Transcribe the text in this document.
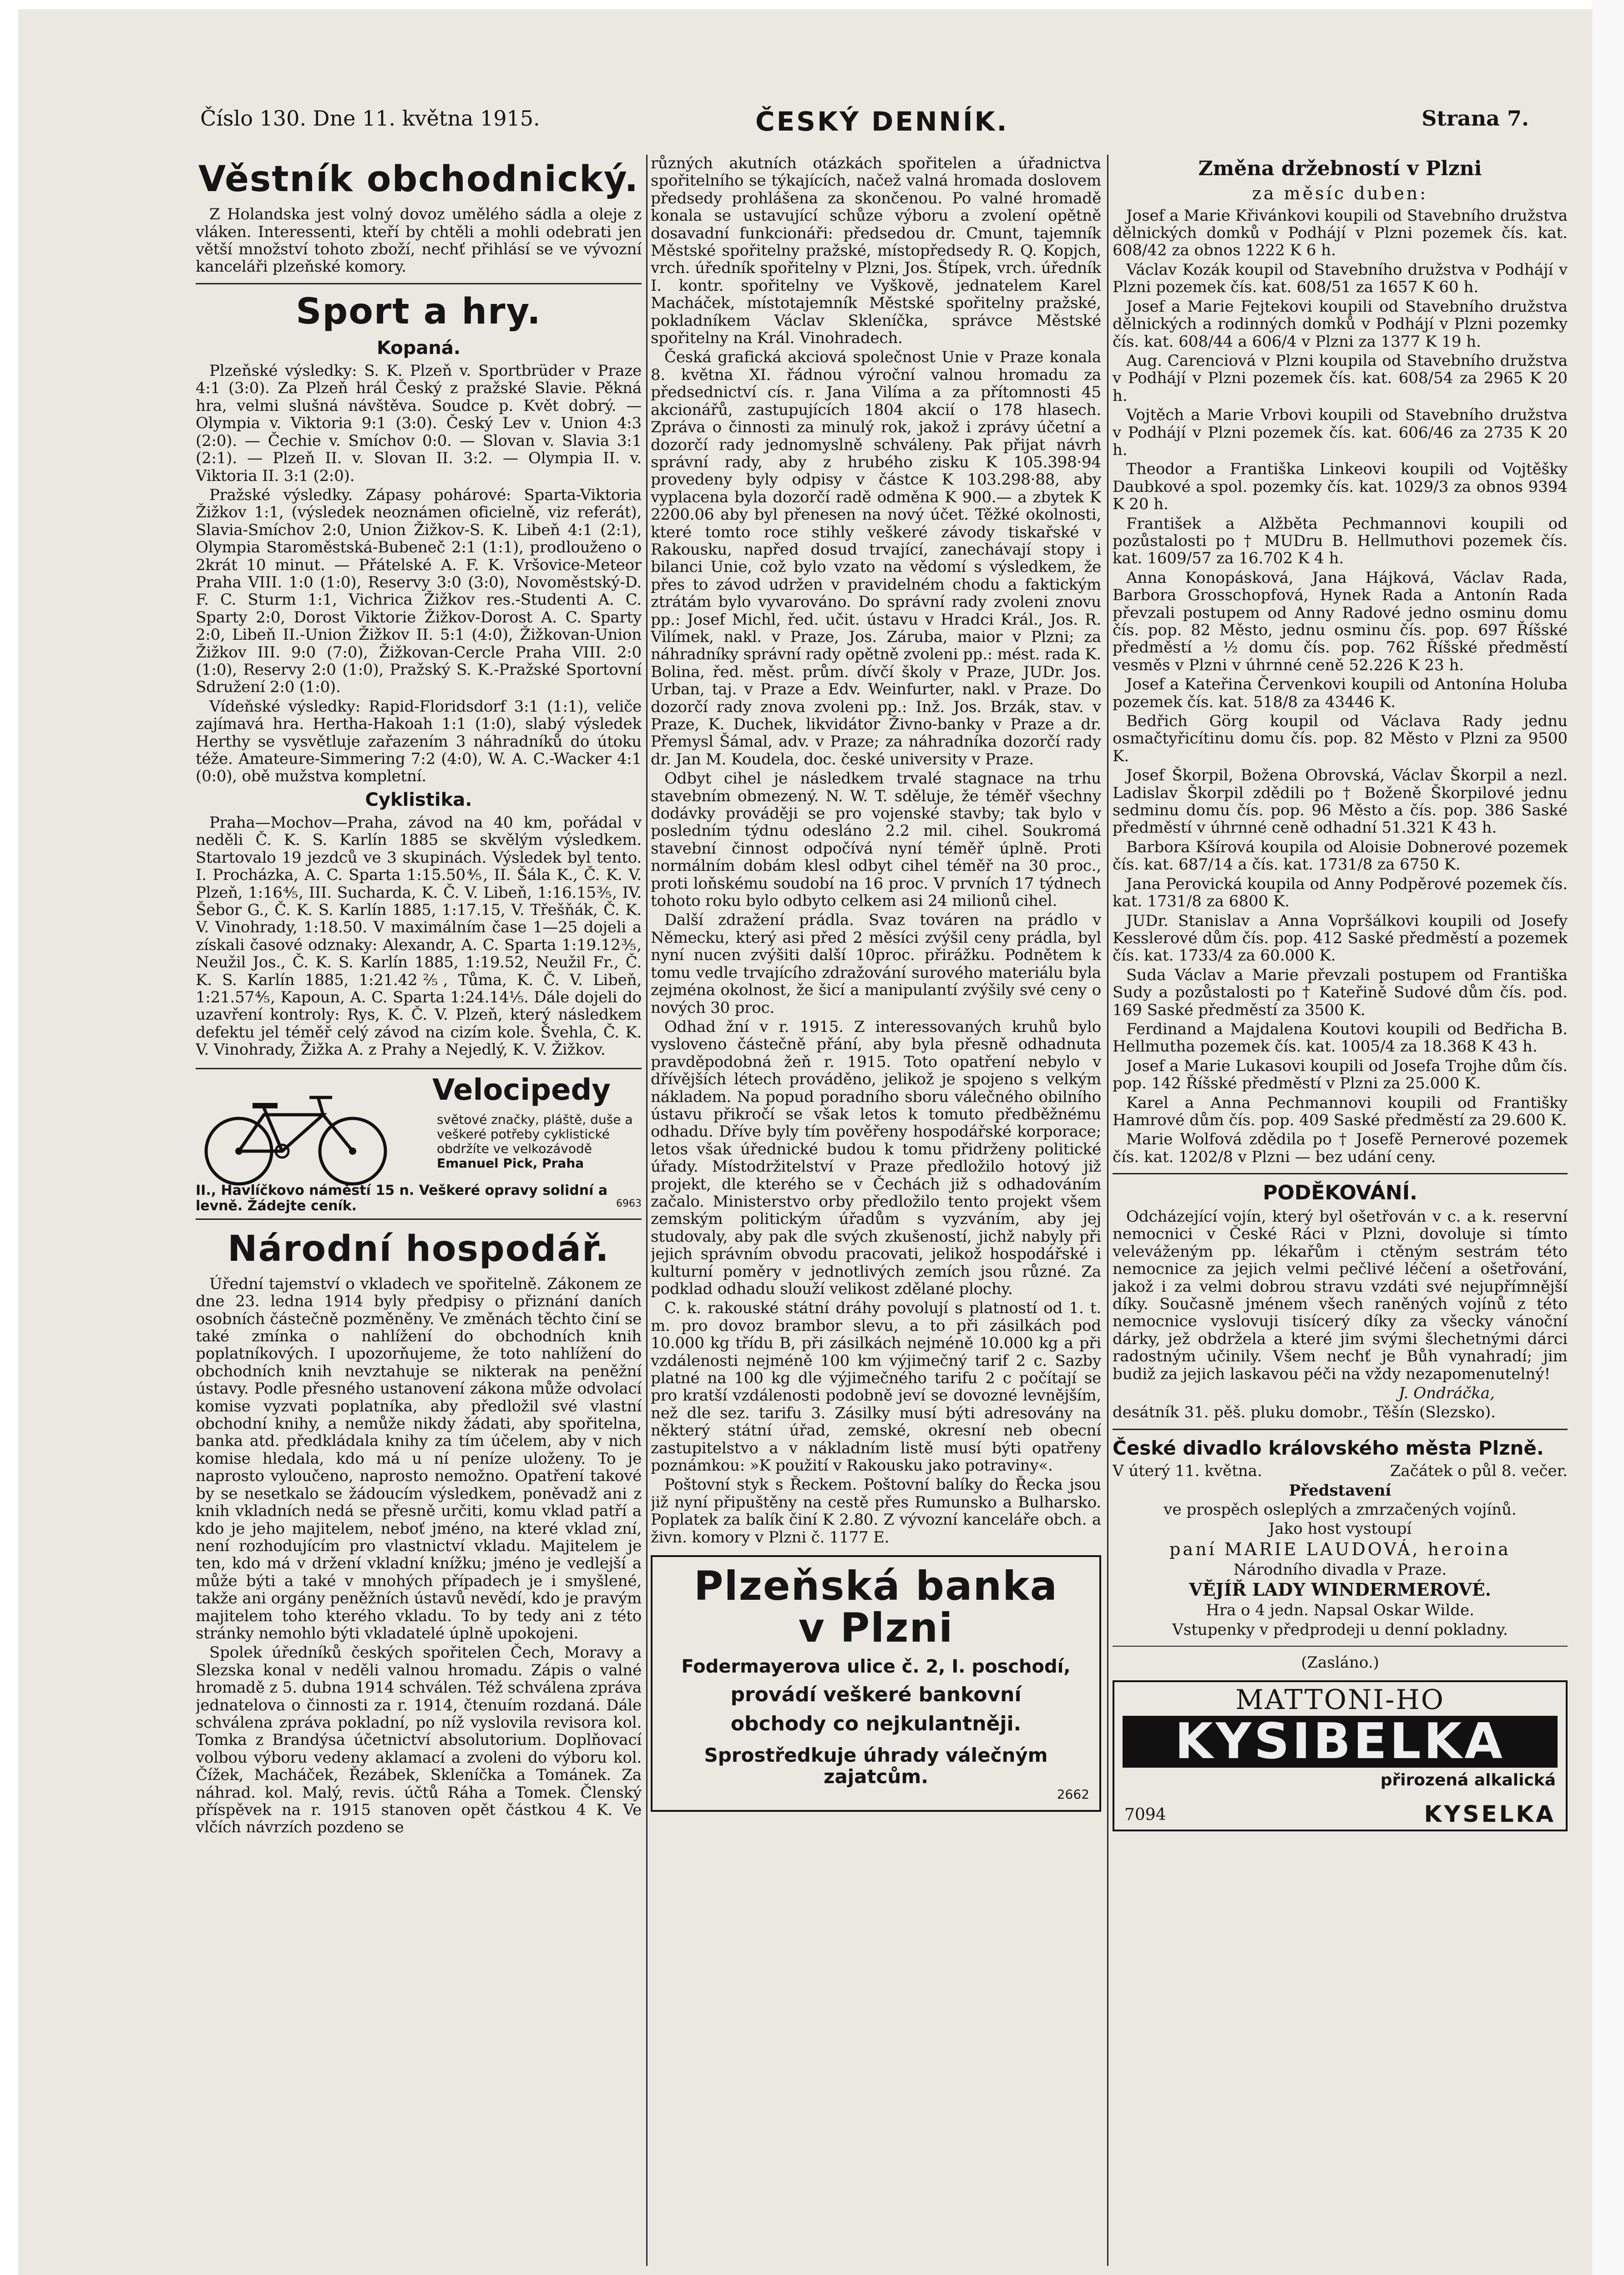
Číslo 130. Dne 11. května 1915.	ČESKÝ DENNÍK.	Strana 7.
Věstník obchodnický.

Z Holandska jest volný dovoz umělého sádla a oleje z vláken. Interessenti, kteří by chtěli a mohli odebrati jen větší množství tohoto zboží, nechť přihlásí se ve vývozní kanceláři plzeňské komory.

Sport a hry.
Kopaná.

Plzeňské výsledky: S. K. Plzeň v. Sportbrüder v Praze 4:1 (3:0). Za Plzeň hrál Český z pražské Slavie. Pěkná hra, velmi slušná návštěva. Soudce p. Květ dobrý. — Olympia v. Viktoria 9:1 (3:0). Český Lev v. Union 4:3 (2:0). — Čechie v. Smíchov 0:0. — Slovan v. Slavia 3:1 (2:1). — Plzeň II. v. Slovan II. 3:2. — Olympia II. v. Viktoria II. 3:1 (2:0).

Pražské výsledky. Zápasy pohárové: Sparta-Viktoria Žižkov 1:1, (výsledek neoznámen oficielně, viz referát), Slavia-Smíchov 2:0, Union Žižkov-S. K. Libeň 4:1 (2:1), Olympia Staroměstská-Bubeneč 2:1 (1:1), prodlouženo o 2krát 10 minut. — Přátelské A. F. K. Vršovice-Meteor Praha VIII. 1:0 (1:0), Reservy 3:0 (3:0), Novoměstský-D. F. C. Sturm 1:1, Vichrica Žižkov res.-Studenti A. C. Sparty 2:0, Dorost Viktorie Žižkov-Dorost A. C. Sparty 2:0, Libeň II.-Union Žižkov II. 5:1 (4:0), Žižkovan-Union Žižkov III. 9:0 (7:0), Žižkovan-Cercle Praha VIII. 2:0 (1:0), Reservy 2:0 (1:0), Pražský S. K.-Pražské Sportovní Sdružení 2:0 (1:0).

Vídeňské výsledky: Rapid-Floridsdorf 3:1 (1:1), veliče zajímavá hra. Hertha-Hakoah 1:1 (1:0), slabý výsledek Herthy se vysvětluje zařazením 3 náhradníků do útoku téže. Amateure-Simmering 7:2 (4:0), W. A. C.-Wacker 4:1 (0:0), obě mužstva kompletní.

Cyklistika.

Praha—Mochov—Praha, závod na 40 km, pořádal v neděli Č. K. S. Karlín 1885 se skvělým výsledkem. Startovalo 19 jezdců ve 3 skupinách. Výsledek byl tento. I. Procházka, A. C. Sparta 1:15.50⅘, II. Šála K., Č. K. V. Plzeň, 1:16⅘, III. Sucharda, K. Č. V. Libeň, 1:16.15⅗, IV. Šebor G., Č. K. S. Karlín 1885, 1:17.15, V. Třešňák, Č. K. V. Vinohrady, 1:18.50. V maximálním čase 1—25 dojeli a získali časové odznaky: Alexandr, A. C. Sparta 1:19.12⅗, Neužil Jos., Č. K. S. Karlín 1885, 1:19.52, Neužil Fr., Č. K. S. Karlín 1885, 1:21.42⅖, Tůma, K. Č. V. Libeň, 1:21.57⅘, Kapoun, A. C. Sparta 1:24.14⅕. Dále dojeli do uzavření kontroly: Rys, K. Č. V. Plzeň, který následkem defektu jel téměř celý závod na cizím kole. Švehla, Č. K. V. Vinohrady, Žižka A. z Prahy a Nejedlý, K. V. Žižkov.

Velocipedy
světové značky, pláště, duše a veškeré potřeby cyklistické obdržíte ve velkozávodě
Emanuel Pick, Praha
II., Havlíčkovo náměstí 15 n. Veškeré opravy solidní a levně. Žádejte ceník.	6963
Národní hospodář.

Úřední tajemství o vkladech ve spořitelně. Zákonem ze dne 23. ledna 1914 byly předpisy o přiznání daních osobních částečně pozměněny. Ve změnách těchto činí se také zmínka o nahlížení do obchodních knih poplatníkových. I upozorňujeme, že toto nahlížení do obchodních knih nevztahuje se nikterak na peněžní ústavy. Podle přesného ustanovení zákona může odvolací komise vyzvati poplatníka, aby předložil své vlastní obchodní knihy, a nemůže nikdy žádati, aby spořitelna, banka atd. předkládala knihy za tím účelem, aby v nich komise hledala, kdo má u ní peníze uloženy. To je naprosto vyloučeno, naprosto nemožno. Opatření takové by se nesetkalo se žádoucím výsledkem, poněvadž ani z knih vkladních nedá se přesně určiti, komu vklad patří a kdo je jeho majitelem, neboť jméno, na které vklad zní, není rozhodujícím pro vlastnictví vkladu. Majitelem je ten, kdo má v držení vkladní knížku; jméno je vedlejší a může býti a také v mnohých případech je i smyšlené, takže ani orgány peněžních ústavů nevědí, kdo je pravým majitelem toho kterého vkladu. To by tedy ani z této stránky nemohlo býti vkladatelé úplně upokojeni.

Spolek úředníků českých spořitelen Čech, Moravy a Slezska konal v neděli valnou hromadu. Zápis o valné hromadě z 5. dubna 1914 schválen. Též schválena zpráva jednatelova o činnosti za r. 1914, čtenuím rozdaná. Dále schválena zpráva pokladní, po níž vyslovila revisora kol. Tomka z Brandýsa účetnictví absolutorium. Doplňovací volbou výboru vedeny aklamací a zvoleni do výboru kol. Čížek, Macháček, Řezábek, Skleníčka a Tománek. Za náhrad. kol. Malý, revis. účtů Ráha a Tomek. Členský příspěvek na r. 1915 stanoven opět částkou 4 K. Ve vlčích návrzích pozdeno se

různých akutních otázkách spořitelen a úřadnictva spořitelního se týkajících, načež valná hromada doslovem předsedy prohlášena za skončenou. Po valné hromadě konala se ustavující schůze výboru a zvolení opětně dosavadní funkcionáři: předsedou dr. Cmunt, tajemník Městské spořitelny pražské, místopředsedy R. Q. Kopjch, vrch. úředník spořitelny v Plzni, Jos. Štípek, vrch. úředník I. kontr. spořitelny ve Vyškově, jednatelem Karel Macháček, místotajemník Městské spořitelny pražské, pokladníkem Václav Skleníčka, správce Městské spořitelny na Král. Vinohradech.

Česká grafická akciová společnost Unie v Praze konala 8. května XI. řádnou výroční valnou hromadu za předsednictví cís. r. Jana Vilíma a za přítomnosti 45 akcionářů, zastupujících 1804 akcií o 178 hlasech. Zpráva o činnosti za minulý rok, jakož i zprávy účetní a dozorčí rady jednomyslně schváleny. Pak přijat návrh správní rady, aby z hrubého zisku K 105.398·94 provedeny byly odpisy v částce K 103.298·88, aby vyplacena byla dozorčí radě odměna K 900.— a zbytek K 2200.06 aby byl přenesen na nový účet. Těžké okolnosti, které tomto roce stihly veškeré závody tiskařské v Rakousku, napřed dosud trvající, zanechávají stopy i bilanci Unie, což bylo vzato na vědomí s výsledkem, že přes to závod udržen v pravidelném chodu a faktickým ztrátám bylo vyvarováno. Do správní rady zvoleni znovu pp.: Josef Michl, řed. učit. ústavu v Hradci Král., Jos. R. Vilímek, nakl. v Praze, Jos. Záruba, maior v Plzni; za náhradníky správní rady opětně zvoleni pp.: mést. rada K. Bolina, řed. měst. prům. dívčí školy v Praze, JUDr. Jos. Urban, taj. v Praze a Edv. Weinfurter, nakl. v Praze. Do dozorčí rady znova zvoleni pp.: Inž. Jos. Brzák, stav. v Praze, K. Duchek, likvidátor Živno-banky v Praze a dr. Přemysl Šámal, adv. v Praze; za náhradníka dozorčí rady dr. Jan M. Koudela, doc. české university v Praze.

Odbyt cihel je následkem trvalé stagnace na trhu stavebním obmezený. N. W. T. sděluje, že téměř všechny dodávky prováději se pro vojenské stavby; tak bylo v posledním týdnu odesláno 2.2 mil. cihel. Soukromá stavební činnost odpočívá nyní téměř úplně. Proti normálním dobám klesl odbyt cihel téměř na 30 proc., proti loňskému soudobí na 16 proc. V prvních 17 týdnech tohoto roku bylo odbyto celkem asi 24 milionů cihel.

Další zdražení prádla. Svaz továren na prádlo v Německu, který asi před 2 měsíci zvýšil ceny prádla, byl nyní nucen zvýšiti další 10proc. přirážku. Podnětem k tomu vedle trvajícího zdražování surového materiálu byla zejména okolnost, že šicí a manipulantí zvýšily své ceny o nových 30 proc.

Odhad žní v r. 1915. Z interessovaných kruhů bylo vysloveno částečně přání, aby byla přesně odhadnuta pravděpodobná žeň r. 1915. Toto opatření nebylo v dřívějších létech prováděno, jelikož je spojeno s velkým nákladem. Na popud poradního sboru válečného obilního ústavu přikročí se však letos k tomuto předběžnému odhadu. Dříve byly tím pověřeny hospodářské korporace; letos však úřednické budou k tomu přidrženy politické úřady. Místodržitelství v Praze předložilo hotový již projekt, dle kterého se v Čechách již s odhadováním začalo. Ministerstvo orby předložilo tento projekt všem zemským politickým úřadům s vyzváním, aby jej studovaly, aby pak dle svých zkušeností, jichž nabyly při jejich správním obvodu pracovati, jelikož hospodářské i kulturní poměry v jednotlivých zemích jsou různé. Za podklad odhadu slouží velikost zdělané plochy.

C. k. rakouské státní dráhy povolují s platností od 1. t. m. pro dovoz brambor slevu, a to při zásilkách pod 10.000 kg třídu B, při zásilkách nejméně 10.000 kg a při vzdálenosti nejméně 100 km výjimečný tarif 2 c. Sazby platné na 100 kg dle výjimečného tarifu 2 c počítají se pro kratší vzdálenosti podobně jeví se dovozné levnějším, než dle sez. tarifu 3. Zásilky musí býti adresovány na některý státní úřad, zemské, okresní neb obecní zastupitelstvo a v nákladním listě musí býti opatřeny poznámkou: »K použití v Rakousku jako potraviny«.

Poštovní styk s Řeckem. Poštovní balíky do Řecka jsou již nyní připuštěny na cestě přes Rumunsko a Bulharsko. Poplatek za balík činí K 2.80. Z vývozní kanceláře obch. a živn. komory v Plzni č. 1177 E.

Plzeňská banka
v Plzni
Fodermayerova ulice č. 2, I. poschodí,
provádí veškeré bankovní
obchody co nejkulantněji.
Sprostředkuje úhrady válečným zajatcům.
2662
Změna držebností v Plzni
za měsíc duben:

Josef a Marie Křivánkovi koupili od Stavebního družstva dělnických domků v Podhájí v Plzni pozemek čís. kat. 608/42 za obnos 1222 K 6 h.

Václav Kozák koupil od Stavebního družstva v Podhájí v Plzni pozemek čís. kat. 608/51 za 1657 K 60 h.

Josef a Marie Fejtekovi koupili od Stavebního družstva dělnických a rodinných domků v Podhájí v Plzni pozemky čís. kat. 608/44 a 606/4 v Plzni za 1377 K 19 h.

Aug. Carenciová v Plzni koupila od Stavebního družstva v Podhájí v Plzni pozemek čís. kat. 608/54 za 2965 K 20 h.

Vojtěch a Marie Vrbovi koupili od Stavebního družstva v Podhájí v Plzni pozemek čís. kat. 606/46 za 2735 K 20 h.

Theodor a Františka Linkeovi koupili od Vojtěšky Daubkové a spol. pozemky čís. kat. 1029/3 za obnos 9394 K 20 h.

František a Alžběta Pechmannovi koupili od pozůstalosti po † MUDru B. Hellmuthovi pozemek čís. kat. 1609/57 za 16.702 K 4 h.

Anna Konopásková, Jana Hájková, Václav Rada, Barbora Grosschopfová, Hynek Rada a Antonín Rada převzali postupem od Anny Radové jedno osminu domu čís. pop. 82 Město, jednu osminu čís. pop. 697 Říšské předměstí a ½ domu čís. pop. 762 Říšské předměstí vesměs v Plzni v úhrnné ceně 52.226 K 23 h.

Josef a Kateřina Červenkovi koupili od Antonína Holuba pozemek čís. kat. 518/8 za 43446 K.

Bedřich Görg koupil od Václava Rady jednu osmačtyřicítinu domu čís. pop. 82 Město v Plzni za 9500 K.

Josef Škorpil, Božena Obrovská, Václav Škorpil a nezl. Ladislav Škorpil zdědili po † Boženě Škorpilové jednu sedminu domu čís. pop. 96 Město a čís. pop. 386 Saské předměstí v úhrnné ceně odhadní 51.321 K 43 h.

Barbora Kšírová koupila od Aloisie Dobnerové pozemek čís. kat. 687/14 a čís. kat. 1731/8 za 6750 K.

Jana Perovická koupila od Anny Podpěrové pozemek čís. kat. 1731/8 za 6800 K.

JUDr. Stanislav a Anna Vopršálkovi koupili od Josefy Kesslerové dům čís. pop. 412 Saské předměstí a pozemek čís. kat. 1733/4 za 60.000 K.

Suda Václav a Marie převzali postupem od Františka Sudy a pozůstalosti po † Kateřině Sudové dům čís. pod. 169 Saské předměstí za 3500 K.

Ferdinand a Majdalena Koutovi koupili od Bedřicha B. Hellmutha pozemek čís. kat. 1005/4 za 18.368 K 43 h.

Josef a Marie Lukasovi koupili od Josefa Trojhe dům čís. pop. 142 Říšské předměstí v Plzni za 25.000 K.

Karel a Anna Pechmannovi koupili od Františky Hamrové dům čís. pop. 409 Saské předměstí za 29.600 K.

Marie Wolfová zdědila po † Josefě Pernerové pozemek čís. kat. 1202/8 v Plzni — bez udání ceny.

PODĚKOVÁNÍ.

Odcházející vojín, který byl ošetřován v c. a k. reservní nemocnici v České Ráci v Plzni, dovoluje si tímto veleváženým pp. lékařům i ctěným sestrám této nemocnice za jejich velmi pečlivé léčení a ošetřování, jakož i za velmi dobrou stravu vzdáti své nejupřímnější díky. Současně jménem všech raněných vojínů z této nemocnice vyslovuji tisícerý díky za všecky vánoční dárky, jež obdržela a které jim svými šlechetnými dárci radostným učinily. Všem nechť je Bůh vynahradí; jim budiž za jejich laskavou péči na vždy nezapomenutelný!

J. Ondráčka,

desátník 31. pěš. pluku domobr., Těšín (Slezsko).

České divadlo královského města Plzně.

V úterý 11. května.	Začátek o půl 8. večer.

Představení

ve prospěch osleplých a zmrzačených vojínů.

Jako host vystoupí

paní MARIE LAUDOVÁ, heroina

Národního divadla v Praze.

VĚJÍŘ LADY WINDERMEROVÉ.

Hra o 4 jedn. Napsal Oskar Wilde.

Vstupenky v předprodeji u denní pokladny.

(Zasláno.)

MATTONI-HO
KYSIBELKA
přirozená alkalická
7094	KYSELKA
